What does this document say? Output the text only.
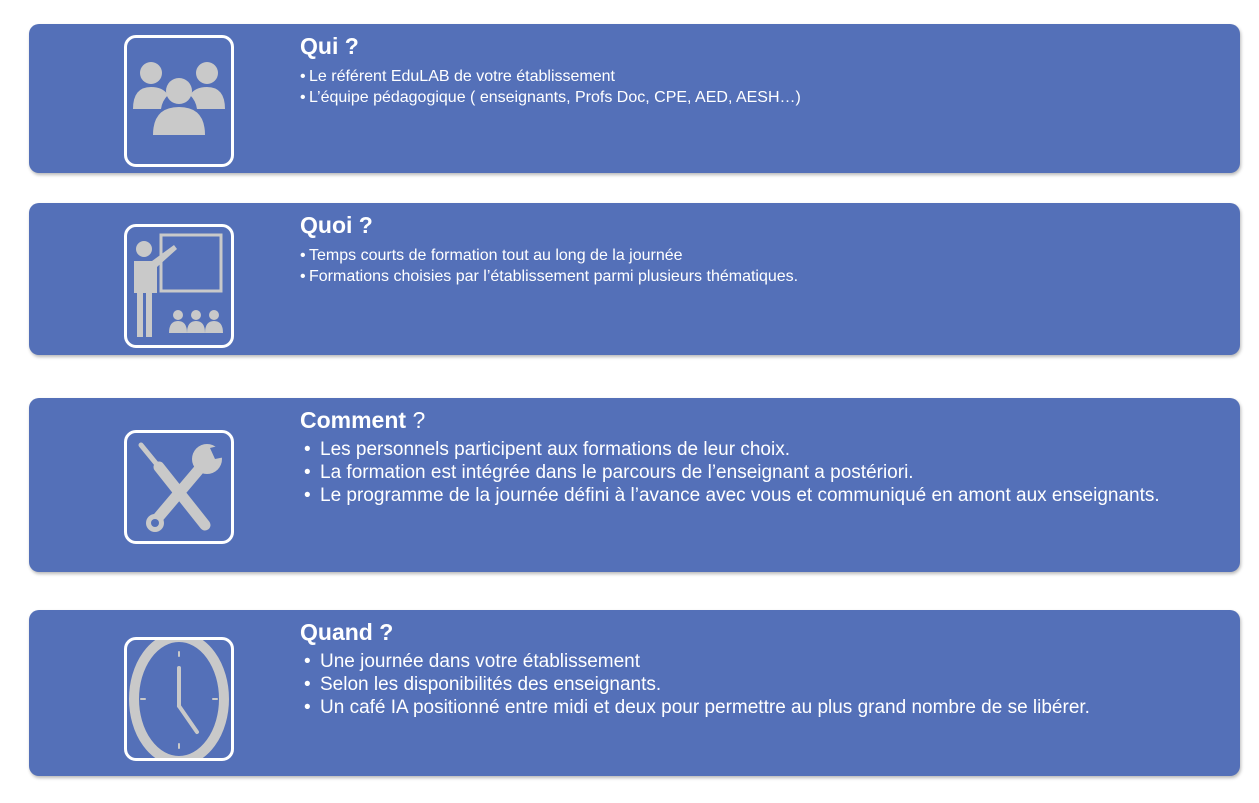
Qui ?
• Le référent EduLAB de votre établissement
• L’équipe pédagogique ( enseignants, Profs Doc, CPE, AED, AESH…)
Quoi ?
• Temps courts de formation tout au long de la journée
• Formations choisies par l’établissement parmi plusieurs thématiques.
Comment ?
• Les personnels participent aux formations de leur choix.
• La formation est intégrée dans le parcours de l’enseignant a postériori.
• Le programme de la journée défini à l’avance avec vous et communiqué en amont aux enseignants.
Quand ?
• Une journée dans votre établissement
• Selon les disponibilités des enseignants.
• Un café IA positionné entre midi et deux pour permettre au plus grand nombre de se libérer.
